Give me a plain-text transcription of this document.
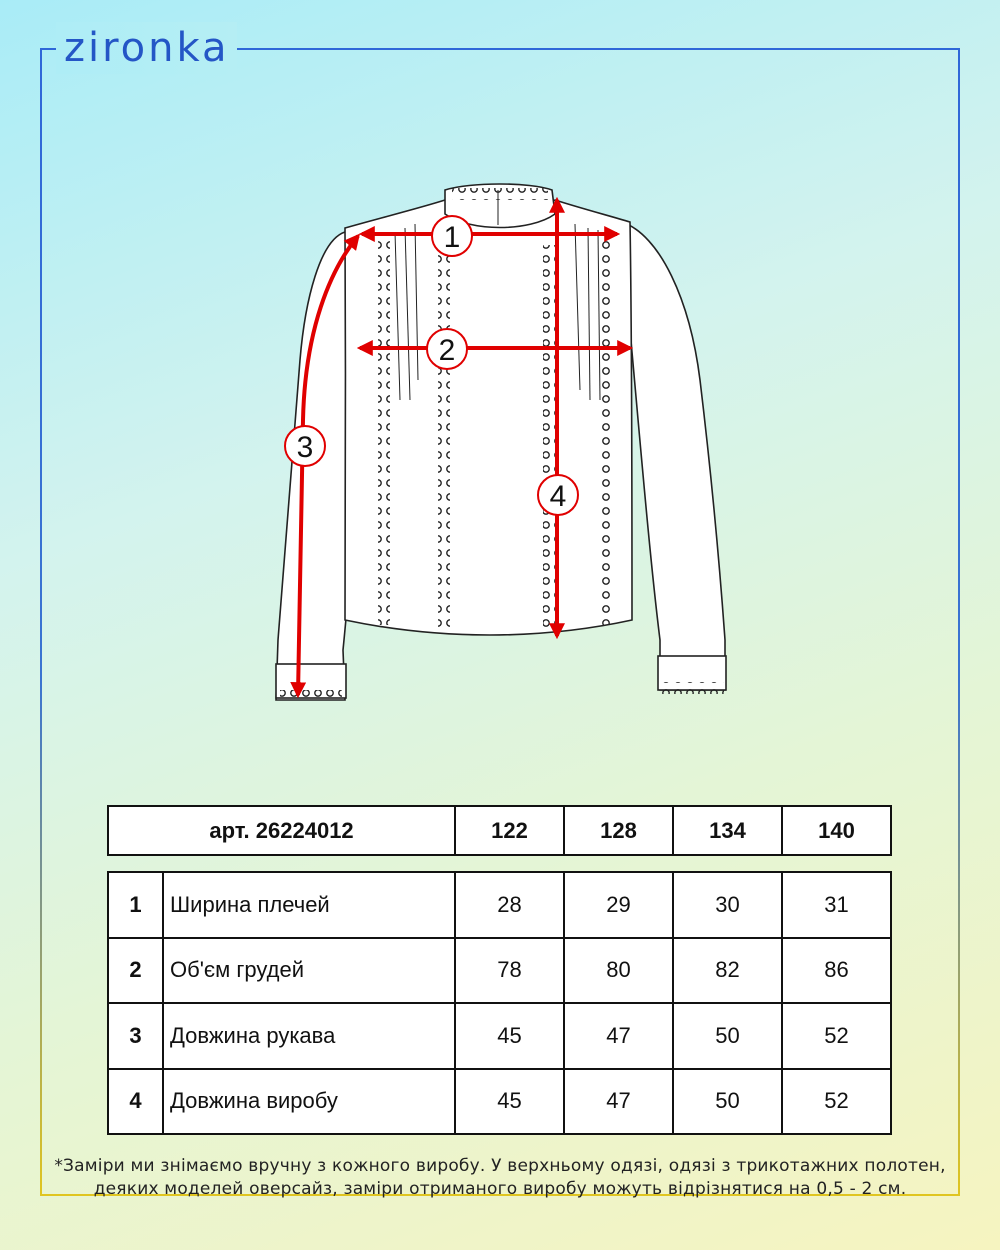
zironka
1
2
3
4
арт. 26224012	122	128	134	140
1	Ширина плечей	28	29	30	31
2	Об'єм грудей	78	80	82	86
3	Довжина рукава	45	47	50	52
4	Довжина виробу	45	47	50	52
*Заміри ми знімаємо вручну з кожного виробу. У верхньому одязі, одязі з трикотажних полотен,
деяких моделей оверсайз, заміри отриманого виробу можуть відрізнятися на 0,5 - 2 см.
